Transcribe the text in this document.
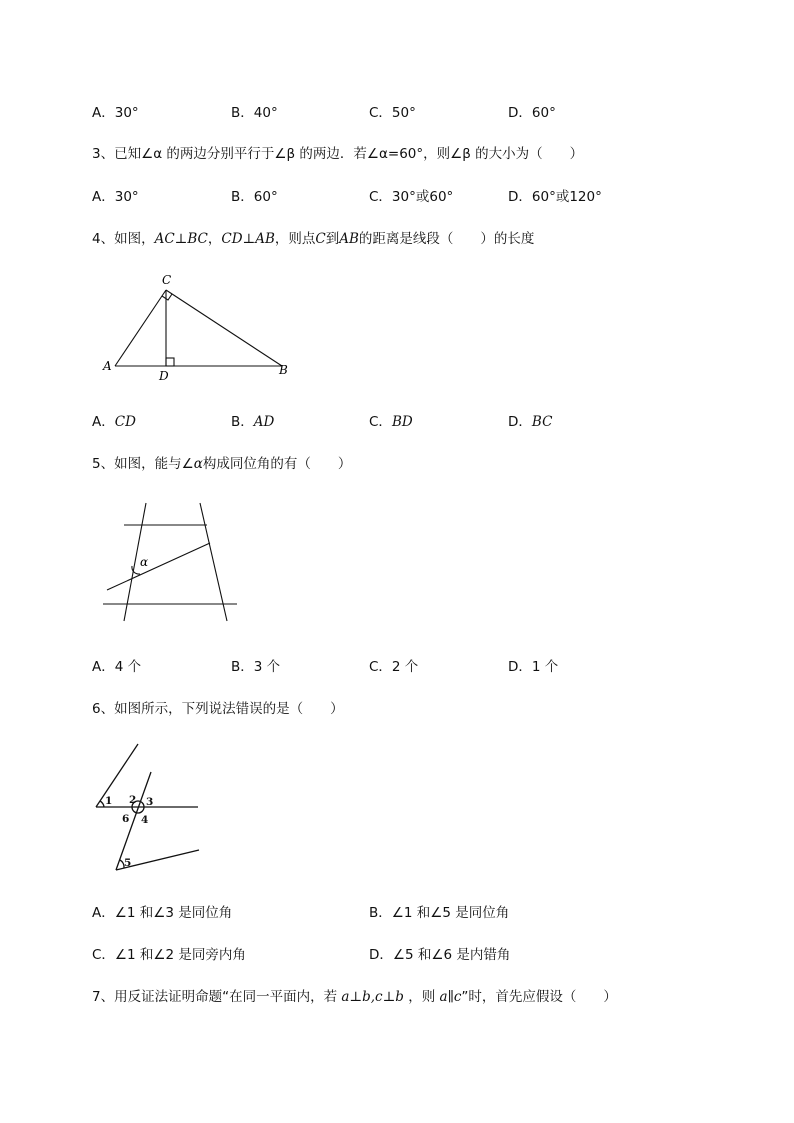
A．30°	B．40°	C．50°	D．60°
3、已知∠α 的两边分别平行于∠β 的两边．若∠α=60°，则∠β 的大小为（　　）
A．30°	B．60°	C．30°或60°	D．60°或120°
4、如图，AC⊥BC，CD⊥AB，则点C到AB的距离是线段（　　）的长度
C
A
D	B
A．CD	B．AD	C．BD	D．BC
5、如图，能与∠α构成同位角的有（　　）
α
A．4 个	B．3 个	C．2 个	D．1 个
6、如图所示，下列说法错误的是（　　）
1 2 3
4
5
6
A．∠1 和∠3 是同位角	B．∠1 和∠5 是同位角
C．∠1 和∠2 是同旁内角	D．∠5 和∠6 是内错角
7、用反证法证明命题“在同一平面内，若 a⊥b,c⊥b ，则 a∥c”时，首先应假设（　　）
